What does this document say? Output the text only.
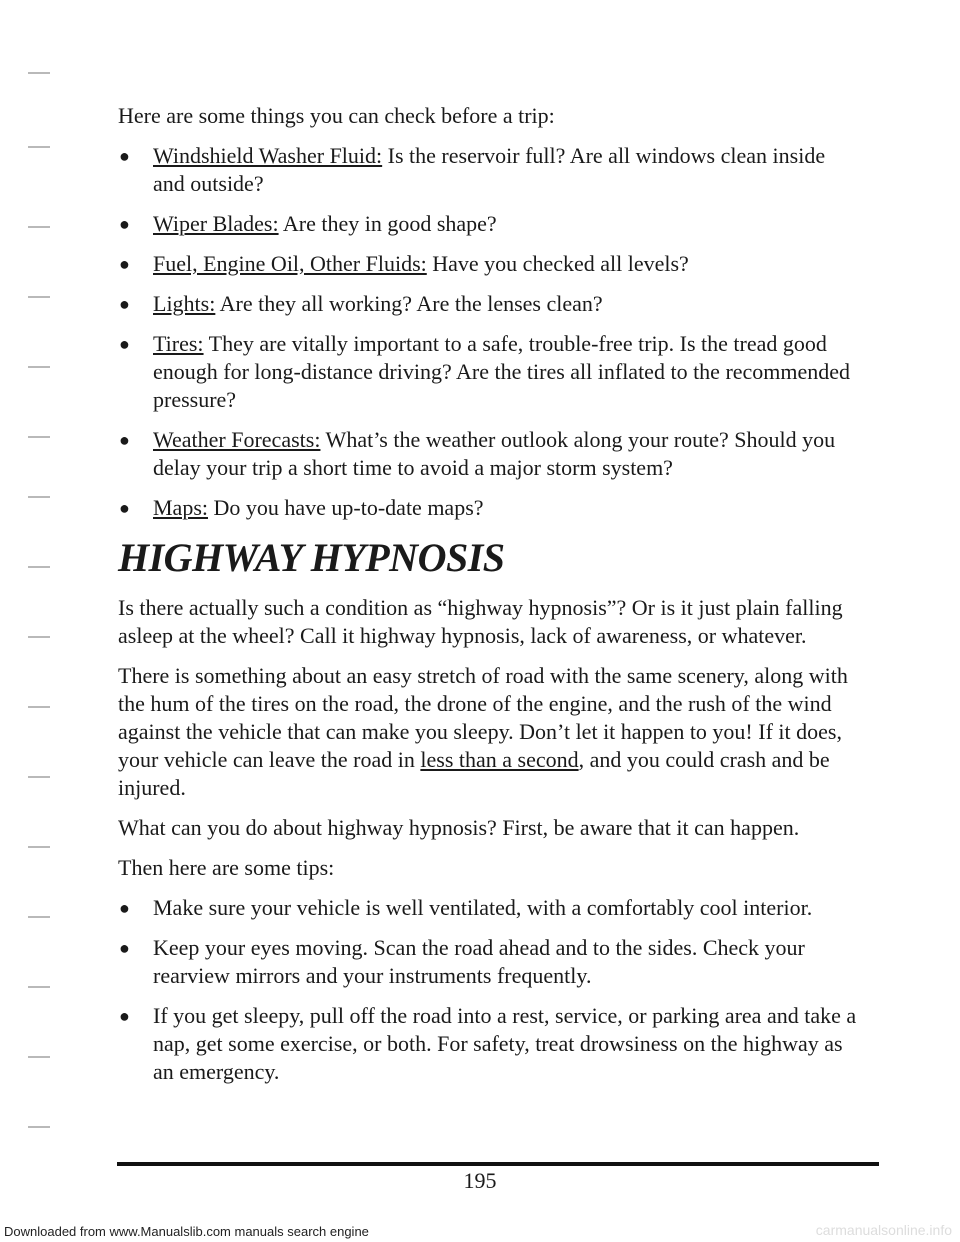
Here are some things you can check before a trip:

● Windshield Washer Fluid: Is the reservoir full? Are all windows clean inside and outside?
● Wiper Blades: Are they in good shape?
● Fuel, Engine Oil, Other Fluids: Have you checked all levels?
● Lights: Are they all working? Are the lenses clean?
● Tires: They are vitally important to a safe, trouble-free trip. Is the tread good enough for long-distance driving? Are the tires all inflated to the recommended pressure?
● Weather Forecasts: What’s the weather outlook along your route? Should you delay your trip a short time to avoid a major storm system?
● Maps: Do you have up-to-date maps?
HIGHWAY HYPNOSIS

Is there actually such a condition as “highway hypnosis”? Or is it just plain falling asleep at the wheel? Call it highway hypnosis, lack of awareness, or whatever.

There is something about an easy stretch of road with the same scenery, along with the hum of the tires on the road, the drone of the engine, and the rush of the wind against the vehicle that can make you sleepy. Don’t let it happen to you! If it does, your vehicle can leave the road in less than a second, and you could crash and be injured.

What can you do about highway hypnosis? First, be aware that it can happen.

Then here are some tips:

● Make sure your vehicle is well ventilated, with a comfortably cool interior.
● Keep your eyes moving. Scan the road ahead and to the sides. Check your rearview mirrors and your instruments frequently.
● If you get sleepy, pull off the road into a rest, service, or parking area and take a nap, get some exercise, or both. For safety, treat drowsiness on the highway as an emergency.
195
Downloaded from www.Manualslib.com manuals search engine	carmanualsonline.info
